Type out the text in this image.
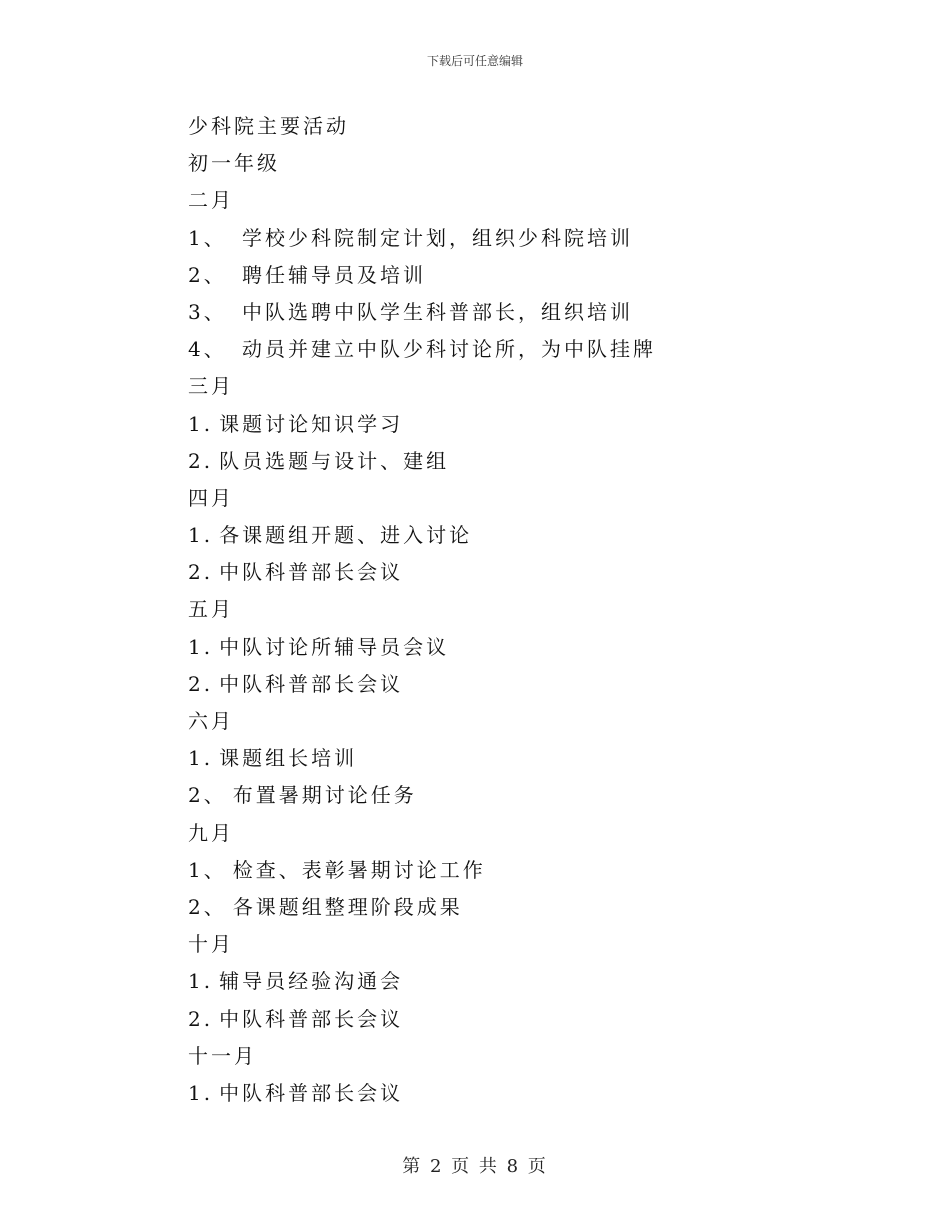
下载后可任意编辑
少科院主要活动
初一年级
二月
1、 学校少科院制定计划，组织少科院培训
2、 聘任辅导员及培训
3、 中队选聘中队学生科普部长，组织培训
4、 动员并建立中队少科讨论所，为中队挂牌
三月
1. 课题讨论知识学习
2. 队员选题与设计、建组
四月
1. 各课题组开题、进入讨论
2. 中队科普部长会议
五月
1. 中队讨论所辅导员会议
2. 中队科普部长会议
六月
1. 课题组长培训
2、 布置暑期讨论任务
九月
1、 检查、表彰暑期讨论工作
2、 各课题组整理阶段成果
十月
1. 辅导员经验沟通会
2. 中队科普部长会议
十一月
1. 中队科普部长会议
第 2 页 共 8 页
